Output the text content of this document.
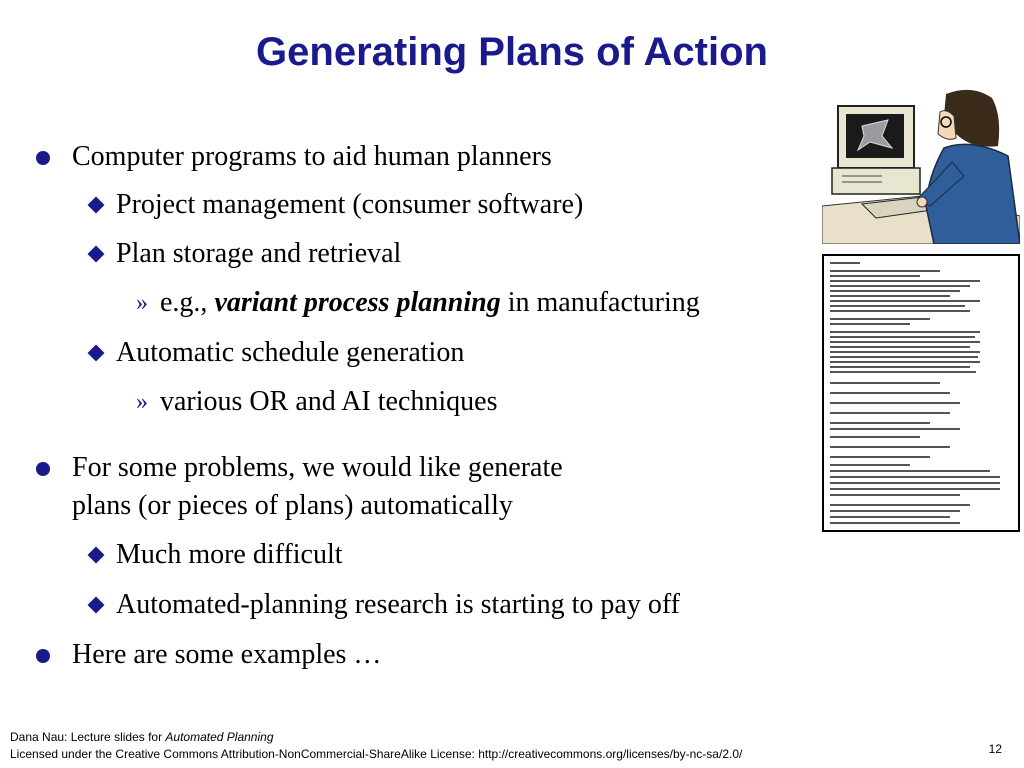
Generating Plans of Action
Computer programs to aid human planners
Project management (consumer software)
Plan storage and retrieval
» e.g., variant process planning in manufacturing
Automatic schedule generation
» various OR and AI techniques
For some problems, we would like generate
plans (or pieces of plans) automatically
Much more difficult
Automated-planning research is starting to pay off
Here are some examples …
Dana Nau: Lecture slides for Automated Planning
Licensed under the Creative Commons Attribution-NonCommercial-ShareAlike License: http://creativecommons.org/licenses/by-nc-sa/2.0/	12
